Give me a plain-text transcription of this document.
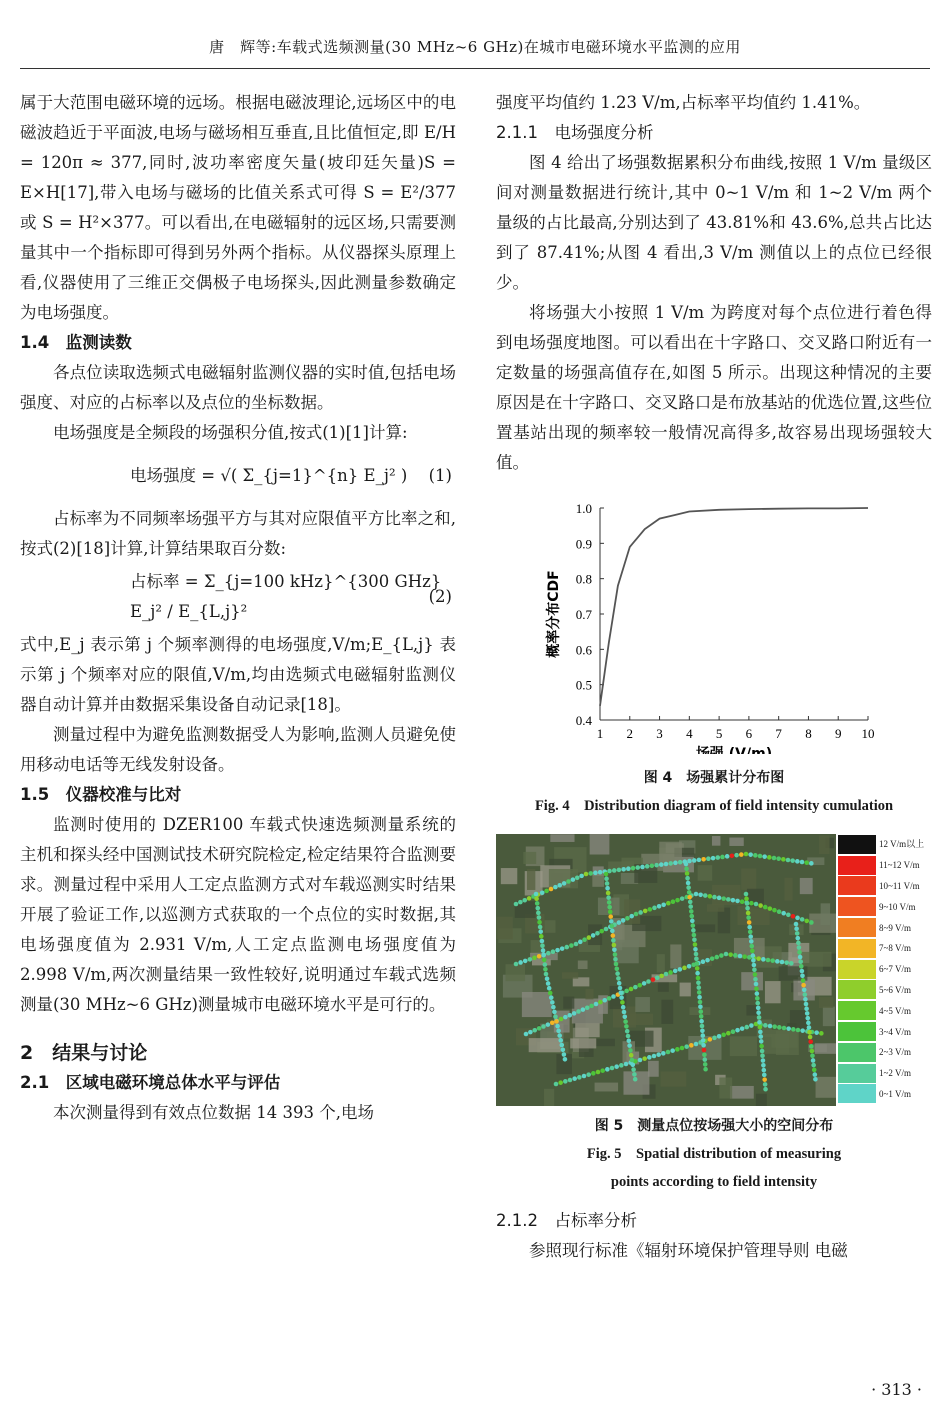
唐　辉等:车载式选频测量(30 MHz~6 GHz)在城市电磁环境水平监测的应用

属于大范围电磁环境的远场。根据电磁波理论,远场区中的电磁波趋近于平面波,电场与磁场相互垂直,且比值恒定,即 E/H = 120π ≈ 377,同时,波功率密度矢量(坡印廷矢量)S = E×H[17],带入电场与磁场的比值关系式可得 S = E²/377 或 S = H²×377。可以看出,在电磁辐射的远区场,只需要测量其中一个指标即可得到另外两个指标。从仪器探头原理上看,仪器使用了三维正交偶极子电场探头,因此测量参数确定为电场强度。

1.4　监测读数

各点位读取选频式电磁辐射监测仪器的实时值,包括电场强度、对应的占标率以及点位的坐标数据。

电场强度是全频段的场强积分值,按式(1)[1]计算:

电场强度 = √( Σ_{j=1}^{n} E_j² ) (1)

占标率为不同频率场强平方与其对应限值平方比率之和,按式(2)[18]计算,计算结果取百分数:

占标率 = Σ_{j=100 kHz}^{300 GHz} E_j² / E_{L,j}²
(2)

式中,E_j 表示第 j 个频率测得的电场强度,V/m;E_{L,j} 表示第 j 个频率对应的限值,V/m,均由选频式电磁辐射监测仪器自动计算并由数据采集设备自动记录[18]。

测量过程中为避免监测数据受人为影响,监测人员避免使用移动电话等无线发射设备。

1.5　仪器校准与比对

监测时使用的 DZER100 车载式快速选频测量系统的主机和探头经中国测试技术研究院检定,检定结果符合监测要求。测量过程中采用人工定点监测方式对车载巡测实时结果开展了验证工作,以巡测方式获取的一个点位的实时数据,其电场强度值为 2.931 V/m,人工定点监测电场强度值为 2.998 V/m,两次测量结果一致性较好,说明通过车载式选频测量(30 MHz~6 GHz)测量城市电磁环境水平是可行的。

2　结果与讨论

2.1　区域电磁环境总体水平与评估

本次测量得到有效点位数据 14 393 个,电场

强度平均值约 1.23 V/m,占标率平均值约 1.41%。

2.1.1　电场强度分析

图 4 给出了场强数据累积分布曲线,按照 1 V/m 量级区间对测量数据进行统计,其中 0~1 V/m 和 1~2 V/m 两个量级的占比最高,分别达到了 43.81%和 43.6%,总共占比达到了 87.41%;从图 4 看出,3 V/m 测值以上的点位已经很少。

将场强大小按照 1 V/m 为跨度对每个点位进行着色得到电场强度地图。可以看出在十字路口、交叉路口附近有一定数量的场强高值存在,如图 5 所示。出现这种情况的主要原因是在十字路口、交叉路口是布放基站的优选位置,这些位置基站出现的频率较一般情况高得多,故容易出现场强较大值。

0.4
0.5
0.6
0.7
0.8
0.9
1.0
1 2 3 4 5 6 7 8 9 10
场强 (V/m)
概率分布CDF
图 4　场强累计分布图
Fig. 4　Distribution diagram of field intensity cumulation
12 V/m以上
11~12 V/m
10~11 V/m
9~10 V/m
8~9 V/m
7~8 V/m
6~7 V/m
5~6 V/m
4~5 V/m
3~4 V/m
2~3 V/m
1~2 V/m
0~1 V/m
图 5　测量点位按场强大小的空间分布
Fig. 5　Spatial distribution of measuring
points according to field intensity

2.1.2　占标率分析

参照现行标准《辐射环境保护管理导则 电磁

· 313 ·
